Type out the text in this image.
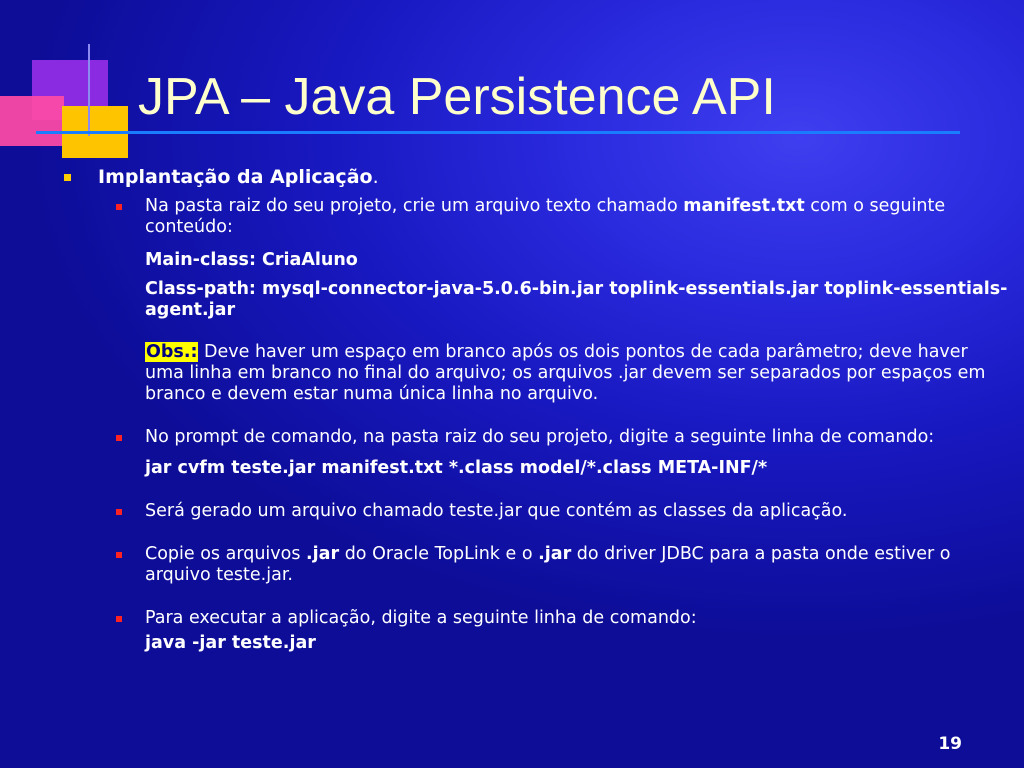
JPA – Java Persistence API
Implantação da Aplicação.
Na pasta raiz do seu projeto, crie um arquivo texto chamado manifest.txt com o seguinte conteúdo:
Main-class: CriaAluno
Class-path: mysql-connector-java-5.0.6-bin.jar toplink-essentials.jar toplink-essentials-agent.jar
Obs.: Deve haver um espaço em branco após os dois pontos de cada parâmetro; deve haver uma linha em branco no final do arquivo; os arquivos .jar devem ser separados por espaços em branco e devem estar numa única linha no arquivo.
No prompt de comando, na pasta raiz do seu projeto, digite a seguinte linha de comando:
jar cvfm teste.jar manifest.txt *.class model/*.class META-INF/*
Será gerado um arquivo chamado teste.jar que contém as classes da aplicação.
Copie os arquivos .jar do Oracle TopLink e o .jar do driver JDBC para a pasta onde estiver o arquivo teste.jar.
Para executar a aplicação, digite a seguinte linha de comando:
java -jar teste.jar
19
